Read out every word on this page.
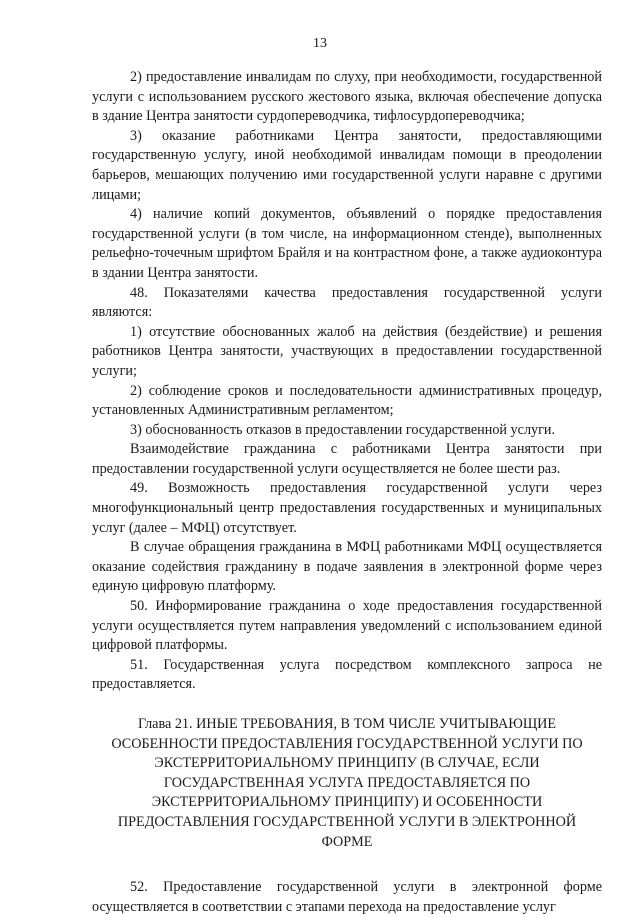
13

2) предоставление инвалидам по слуху, при необходимости, государственной услуги с использованием русского жестового языка, включая обеспечение допуска в здание Центра занятости сурдопереводчика, тифлосурдопереводчика;

3) оказание работниками Центра занятости, предоставляющими государственную услугу, иной необходимой инвалидам помощи в преодолении барьеров, мешающих получению ими государственной услуги наравне с другими лицами;

4) наличие копий документов, объявлений о порядке предоставления государственной услуги (в том числе, на информационном стенде), выполненных рельефно-точечным шрифтом Брайля и на контрастном фоне, а также аудиоконтура в здании Центра занятости.

48. Показателями качества предоставления государственной услуги являются:

1) отсутствие обоснованных жалоб на действия (бездействие) и решения работников Центра занятости, участвующих в предоставлении государственной услуги;

2) соблюдение сроков и последовательности административных процедур, установленных Административным регламентом;

3) обоснованность отказов в предоставлении государственной услуги.

Взаимодействие гражданина с работниками Центра занятости при предоставлении государственной услуги осуществляется не более шести раз.

49. Возможность предоставления государственной услуги через многофункциональный центр предоставления государственных и муниципальных услуг (далее – МФЦ) отсутствует.

В случае обращения гражданина в МФЦ работниками МФЦ осуществляется оказание содействия гражданину в подаче заявления в электронной форме через единую цифровую платформу.

50. Информирование гражданина о ходе предоставления государственной услуги осуществляется путем направления уведомлений с использованием единой цифровой платформы.

51. Государственная услуга посредством комплексного запроса не предоставляется.

Глава 21. ИНЫЕ ТРЕБОВАНИЯ, В ТОМ ЧИСЛЕ УЧИТЫВАЮЩИЕ ОСОБЕННОСТИ ПРЕДОСТАВЛЕНИЯ ГОСУДАРСТВЕННОЙ УСЛУГИ ПО ЭКСТЕРРИТОРИАЛЬНОМУ ПРИНЦИПУ (В СЛУЧАЕ, ЕСЛИ ГОСУДАРСТВЕННАЯ УСЛУГА ПРЕДОСТАВЛЯЕТСЯ ПО ЭКСТЕРРИТОРИАЛЬНОМУ ПРИНЦИПУ) И ОСОБЕННОСТИ ПРЕДОСТАВЛЕНИЯ ГОСУДАРСТВЕННОЙ УСЛУГИ В ЭЛЕКТРОННОЙ ФОРМЕ

52. Предоставление государственной услуги в электронной форме осуществляется в соответствии с этапами перехода на предоставление услуг
